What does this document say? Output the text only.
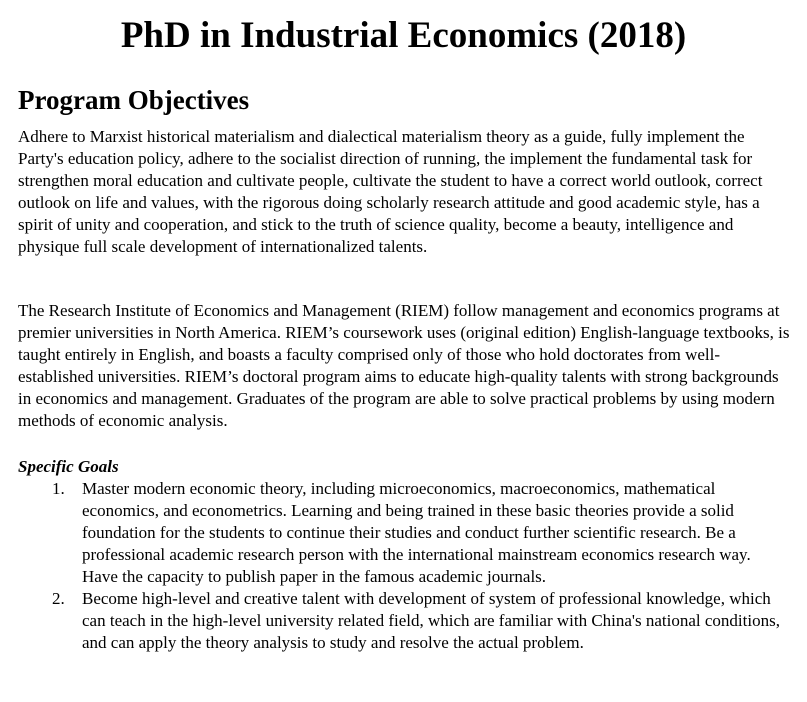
PhD in Industrial Economics (2018)
Program Objectives

Adhere to Marxist historical materialism and dialectical materialism theory as a guide, fully implement the Party's education policy, adhere to the socialist direction of running, the implement the fundamental task for strengthen moral education and cultivate people, cultivate the student to have a correct world outlook, correct outlook on life and values, with the rigorous doing scholarly research attitude and good academic style, has a spirit of unity and cooperation, and stick to the truth of science quality, become a beauty, intelligence and physique full scale development of internationalized talents.

The Research Institute of Economics and Management (RIEM) follow management and economics programs at premier universities in North America. RIEM’s coursework uses (original edition) English-language textbooks, is taught entirely in English, and boasts a faculty comprised only of those who hold doctorates from well-established universities. RIEM’s doctoral program aims to educate high-quality talents with strong backgrounds in economics and management. Graduates of the program are able to solve practical problems by using modern methods of economic analysis.

Specific Goals
1. Master modern economic theory, including microeconomics, macroeconomics, mathematical economics, and econometrics. Learning and being trained in these basic theories provide a solid foundation for the students to continue their studies and conduct further scientific research. Be a professional academic research person with the international mainstream economics research way. Have the capacity to publish paper in the famous academic journals.
2. Become high-level and creative talent with development of system of professional knowledge, which can teach in the high-level university related field, which are familiar with China's national conditions, and can apply the theory analysis to study and resolve the actual problem.
